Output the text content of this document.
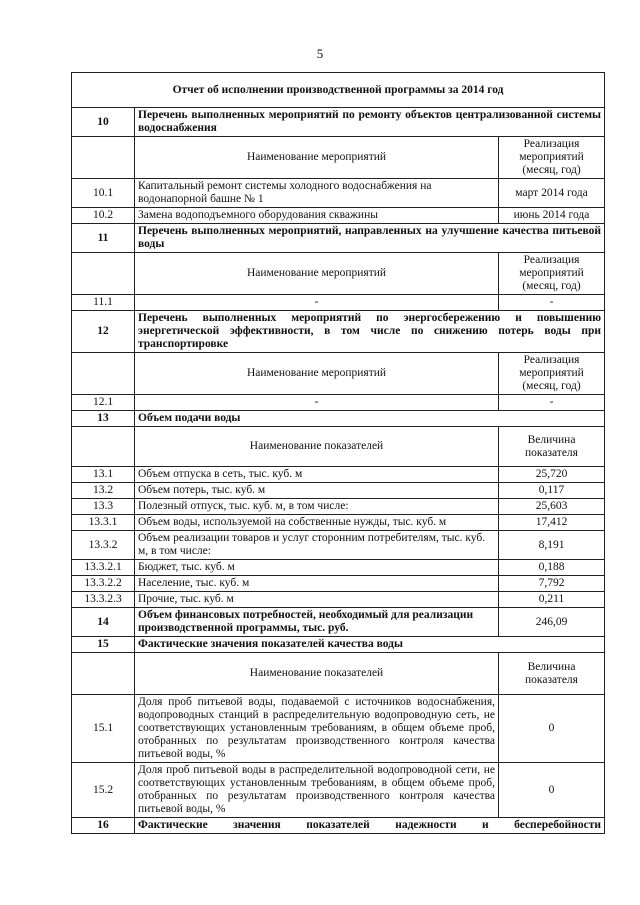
5
Отчет об исполнении производственной программы за 2014 год		
10	Перечень выполненных мероприятий по ремонту объектов централизованной системы водоснабжения	
	Наименование мероприятий	Реализация мероприятий (месяц, год)
10.1	Капитальный ремонт системы холодного водоснабжения на водонапорной башне № 1	март 2014 года
10.2	Замена водоподъемного оборудования скважины	июнь 2014 года
11	Перечень выполненных мероприятий, направленных на улучшение качества питьевой воды	
	Наименование мероприятий	Реализация мероприятий (месяц, год)
11.1	-	-
12	Перечень выполненных мероприятий по энергосбережению и повышению энергетической эффективности, в том числе по снижению потерь воды при транспортировке	
	Наименование мероприятий	Реализация мероприятий (месяц, год)
12.1	-	-
13	Объем подачи воды	
	Наименование показателей	Величина показателя
13.1	Объем отпуска в сеть, тыс. куб. м	25,720
13.2	Объем потерь, тыс. куб. м	0,117
13.3	Полезный отпуск, тыс. куб. м, в том числе:	25,603
13.3.1	Объем воды, используемой на собственные нужды, тыс. куб. м	17,412
13.3.2	Объем реализации товаров и услуг сторонним потребителям, тыс. куб. м, в том числе:	8,191
13.3.2.1	Бюджет, тыс. куб. м	0,188
13.3.2.2	Население, тыс. куб. м	7,792
13.3.2.3	Прочие, тыс. куб. м	0,211
14	Объем финансовых потребностей, необходимый для реализации производственной программы, тыс. руб.	246,09
15	Фактические значения показателей качества воды	
	Наименование показателей	Величина показателя
15.1	Доля проб питьевой воды, подаваемой с источников водоснабжения, водопроводных станций в распределительную водопроводную сеть, не соответствующих установленным требованиям, в общем объеме проб, отобранных по результатам производственного контроля качества питьевой воды, %	0
15.2	Доля проб питьевой воды в распределительной водопроводной сети, не соответствующих установленным требованиям, в общем объеме проб, отобранных по результатам производственного контроля качества питьевой воды, %	0
16	Фактические значения показателей надежности и бесперебойности	
